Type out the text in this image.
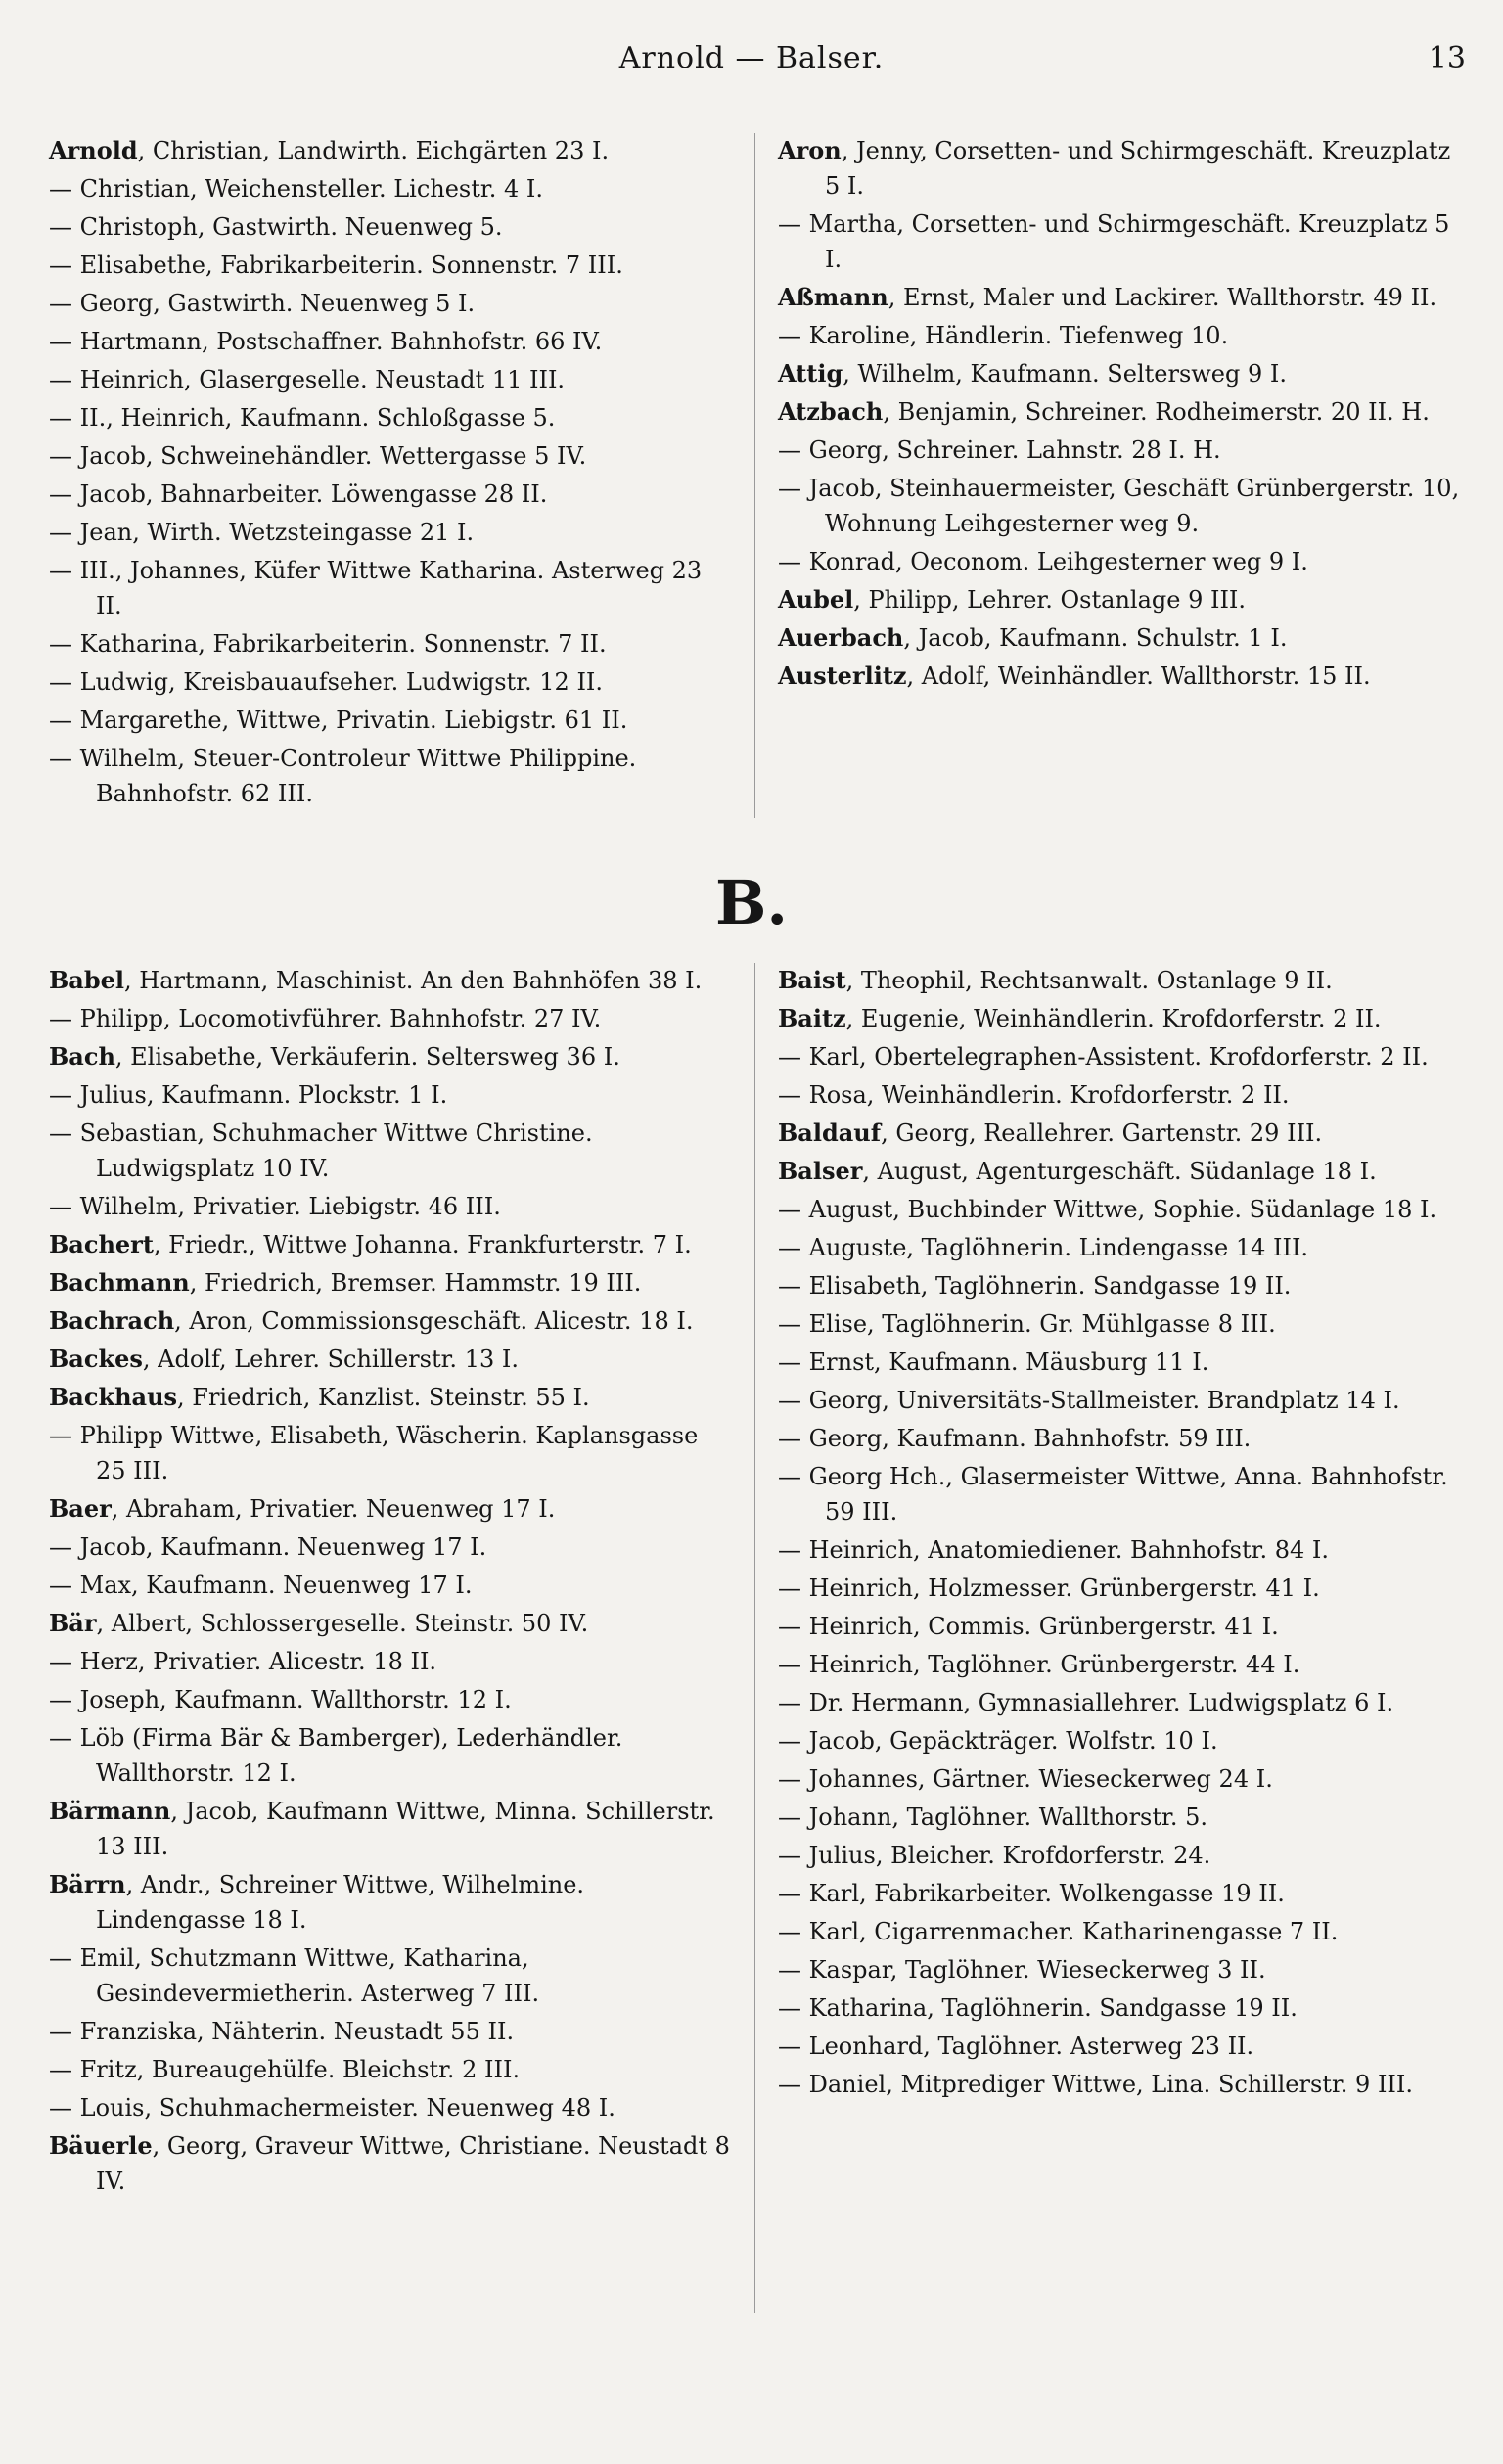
Arnold — Balser.	13
Arnold, Christian, Landwirth. Eichgärten 23 I.
— Christian, Weichensteller. Lichestr. 4 I.
— Christoph, Gastwirth. Neuenweg 5.
— Elisabethe, Fabrikarbeiterin. Sonnenstr. 7 III.
— Georg, Gastwirth. Neuenweg 5 I.
— Hartmann, Postschaffner. Bahnhofstr. 66 IV.
— Heinrich, Glasergeselle. Neustadt 11 III.
— II., Heinrich, Kaufmann. Schloßgasse 5.
— Jacob, Schweinehändler. Wettergasse 5 IV.
— Jacob, Bahnarbeiter. Löwengasse 28 II.
— Jean, Wirth. Wetzsteingasse 21 I.
— III., Johannes, Küfer Wittwe Katharina. Asterweg 23 II.
— Katharina, Fabrikarbeiterin. Sonnenstr. 7 II.
— Ludwig, Kreisbauaufseher. Ludwigstr. 12 II.
— Margarethe, Wittwe, Privatin. Liebigstr. 61 II.
— Wilhelm, Steuer-Controleur Wittwe Philippine. Bahnhofstr. 62 III.
Aron, Jenny, Corsetten- und Schirmgeschäft. Kreuzplatz 5 I.
— Martha, Corsetten- und Schirmgeschäft. Kreuzplatz 5 I.
Aßmann, Ernst, Maler und Lackirer. Wallthorstr. 49 II.
— Karoline, Händlerin. Tiefenweg 10.
Attig, Wilhelm, Kaufmann. Seltersweg 9 I.
Atzbach, Benjamin, Schreiner. Rodheimerstr. 20 II. H.
— Georg, Schreiner. Lahnstr. 28 I. H.
— Jacob, Steinhauermeister, Geschäft Grünbergerstr. 10, Wohnung Leihgesterner weg 9.
— Konrad, Oeconom. Leihgesterner weg 9 I.
Aubel, Philipp, Lehrer. Ostanlage 9 III.
Auerbach, Jacob, Kaufmann. Schulstr. 1 I.
Austerlitz, Adolf, Weinhändler. Wallthorstr. 15 II.
B.
Babel, Hartmann, Maschinist. An den Bahnhöfen 38 I.
— Philipp, Locomotivführer. Bahnhofstr. 27 IV.
Bach, Elisabethe, Verkäuferin. Seltersweg 36 I.
— Julius, Kaufmann. Plockstr. 1 I.
— Sebastian, Schuhmacher Wittwe Christine. Ludwigsplatz 10 IV.
— Wilhelm, Privatier. Liebigstr. 46 III.
Bachert, Friedr., Wittwe Johanna. Frankfurterstr. 7 I.
Bachmann, Friedrich, Bremser. Hammstr. 19 III.
Bachrach, Aron, Commissionsgeschäft. Alicestr. 18 I.
Backes, Adolf, Lehrer. Schillerstr. 13 I.
Backhaus, Friedrich, Kanzlist. Steinstr. 55 I.
— Philipp Wittwe, Elisabeth, Wäscherin. Kaplansgasse 25 III.
Baer, Abraham, Privatier. Neuenweg 17 I.
— Jacob, Kaufmann. Neuenweg 17 I.
— Max, Kaufmann. Neuenweg 17 I.
Bär, Albert, Schlossergeselle. Steinstr. 50 IV.
— Herz, Privatier. Alicestr. 18 II.
— Joseph, Kaufmann. Wallthorstr. 12 I.
— Löb (Firma Bär & Bamberger), Lederhändler. Wallthorstr. 12 I.
Bärmann, Jacob, Kaufmann Wittwe, Minna. Schillerstr. 13 III.
Bärrn, Andr., Schreiner Wittwe, Wilhelmine. Lindengasse 18 I.
— Emil, Schutzmann Wittwe, Katharina, Gesindevermietherin. Asterweg 7 III.
— Franziska, Nähterin. Neustadt 55 II.
— Fritz, Bureaugehülfe. Bleichstr. 2 III.
— Louis, Schuhmachermeister. Neuenweg 48 I.
Bäuerle, Georg, Graveur Wittwe, Christiane. Neustadt 8 IV.
Baist, Theophil, Rechtsanwalt. Ostanlage 9 II.
Baitz, Eugenie, Weinhändlerin. Krofdorferstr. 2 II.
— Karl, Obertelegraphen-Assistent. Krofdorferstr. 2 II.
— Rosa, Weinhändlerin. Krofdorferstr. 2 II.
Baldauf, Georg, Reallehrer. Gartenstr. 29 III.
Balser, August, Agenturgeschäft. Südanlage 18 I.
— August, Buchbinder Wittwe, Sophie. Südanlage 18 I.
— Auguste, Taglöhnerin. Lindengasse 14 III.
— Elisabeth, Taglöhnerin. Sandgasse 19 II.
— Elise, Taglöhnerin. Gr. Mühlgasse 8 III.
— Ernst, Kaufmann. Mäusburg 11 I.
— Georg, Universitäts-Stallmeister. Brandplatz 14 I.
— Georg, Kaufmann. Bahnhofstr. 59 III.
— Georg Hch., Glasermeister Wittwe, Anna. Bahnhofstr. 59 III.
— Heinrich, Anatomiediener. Bahnhofstr. 84 I.
— Heinrich, Holzmesser. Grünbergerstr. 41 I.
— Heinrich, Commis. Grünbergerstr. 41 I.
— Heinrich, Taglöhner. Grünbergerstr. 44 I.
— Dr. Hermann, Gymnasiallehrer. Ludwigsplatz 6 I.
— Jacob, Gepäckträger. Wolfstr. 10 I.
— Johannes, Gärtner. Wieseckerweg 24 I.
— Johann, Taglöhner. Wallthorstr. 5.
— Julius, Bleicher. Krofdorferstr. 24.
— Karl, Fabrikarbeiter. Wolkengasse 19 II.
— Karl, Cigarrenmacher. Katharinengasse 7 II.
— Kaspar, Taglöhner. Wieseckerweg 3 II.
— Katharina, Taglöhnerin. Sandgasse 19 II.
— Leonhard, Taglöhner. Asterweg 23 II.
— Daniel, Mitprediger Wittwe, Lina. Schillerstr. 9 III.
